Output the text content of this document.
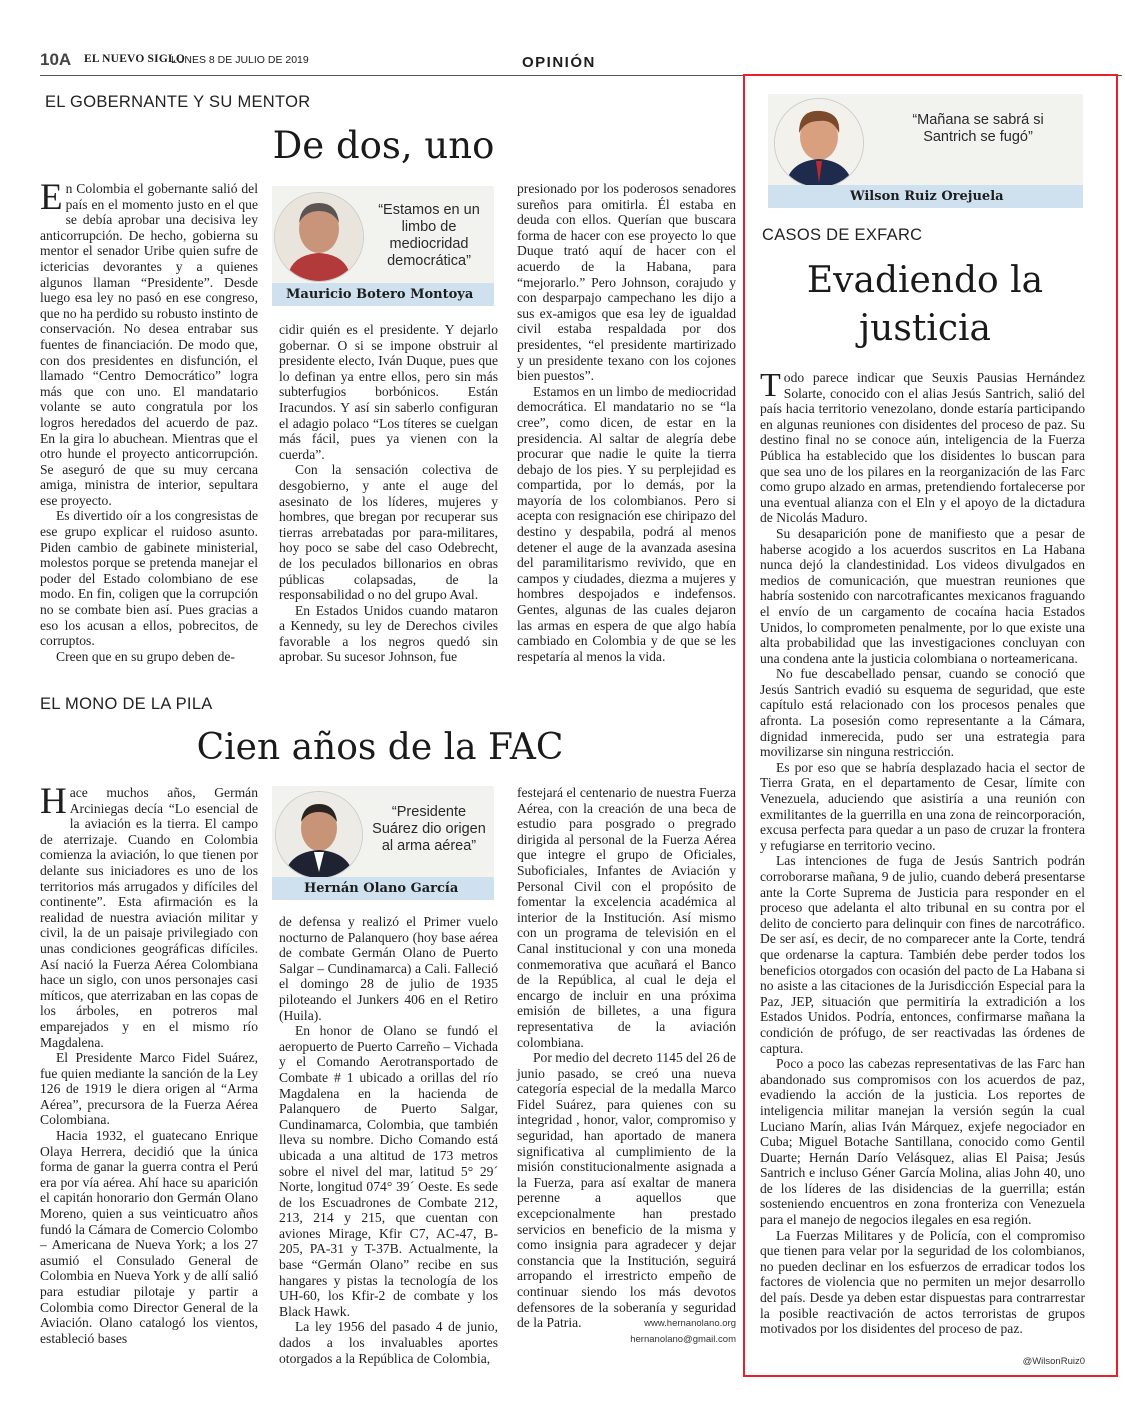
10A EL NUEVO SIGLO
LUNES 8 DE JULIO DE 2019	OPINIÓN
EL GOBERNANTE Y SU MENTOR
De dos, uno
“Estamos en un limbo de mediocridad democrática”
Mauricio Botero Montoya

En Colombia el gobernante salió del país en el momento justo en el que se debía aprobar una decisiva ley anticorrupción. De hecho, gobierna su mentor el senador Uribe quien sufre de ictericias devorantes y a quienes algunos llaman “Presidente”. Desde luego esa ley no pasó en ese congreso, que no ha perdido su robusto instinto de conservación. No desea entrabar sus fuentes de financiación. De modo que, con dos presidentes en disfunción, el llamado “Centro Democrático” logra más que con uno. El mandatario volante se auto congratula por los logros heredados del acuerdo de paz. En la gira lo abuchean. Mientras que el otro hunde el proyecto anticorrupción. Se aseguró de que su muy cercana amiga, ministra de interior, sepultara ese proyecto.

Es divertido oír a los congresistas de ese grupo explicar el ruidoso asunto. Piden cambio de gabinete ministerial, molestos porque se pretenda manejar el poder del Estado colombiano de ese modo. En fin, coligen que la corrupción no se combate bien así. Pues gracias a eso los acusan a ellos, pobrecitos, de corruptos.

Creen que en su grupo deben de-

cidir quién es el presidente. Y dejarlo gobernar. O si se impone obstruir al presidente electo, Iván Duque, pues que lo definan ya entre ellos, pero sin más subterfugios borbónicos. Están Iracundos. Y así sin saberlo configuran el adagio polaco “Los títeres se cuelgan más fácil, pues ya vienen con la cuerda”.

Con la sensación colectiva de desgobierno, y ante el auge del asesinato de los líderes, mujeres y hombres, que bregan por recuperar sus tierras arrebatadas por para-militares, hoy poco se sabe del caso Odebrecht, de los peculados billonarios en obras públicas colapsadas, de la responsabilidad o no del grupo Aval.

En Estados Unidos cuando mataron a Kennedy, su ley de Derechos civiles favorable a los negros quedó sin aprobar. Su sucesor Johnson, fue

presionado por los poderosos senadores sureños para omitirla. Él estaba en deuda con ellos. Querían que buscara forma de hacer con ese proyecto lo que Duque trató aquí de hacer con el acuerdo de la Habana, para “mejorarlo.” Pero Johnson, corajudo y con desparpajo campechano les dijo a sus ex-amigos que esa ley de igualdad civil estaba respaldada por dos presidentes, “el presidente martirizado y un presidente texano con los cojones bien puestos”.

Estamos en un limbo de mediocridad democrática. El mandatario no se “la cree”, como dicen, de estar en la presidencia. Al saltar de alegría debe procurar que nadie le quite la tierra debajo de los pies. Y su perplejidad es compartida, por lo demás, por la mayoría de los colombianos. Pero si acepta con resignación ese chiripazo del destino y despabila, podrá al menos detener el auge de la avanzada asesina del paramilitarismo revivido, que en campos y ciudades, diezma a mujeres y hombres despojados e indefensos. Gentes, algunas de las cuales dejaron las armas en espera de que algo había cambiado en Colombia y de que se les respetaría al menos la vida.

EL MONO DE LA PILA
Cien años de la FAC
“Presidente Suárez dio origen al arma aérea”
Hernán Olano García

Hace muchos años, Germán Arciniegas decía “Lo esencial de la aviación es la tierra. El campo de aterrizaje. Cuando en Colombia comienza la aviación, lo que tienen por delante sus iniciadores es uno de los territorios más arrugados y difíciles del continente”. Esta afirmación es la realidad de nuestra aviación militar y civil, la de un paisaje privilegiado con unas condiciones geográficas difíciles. Así nació la Fuerza Aérea Colombiana hace un siglo, con unos personajes casi míticos, que aterrizaban en las copas de los árboles, en potreros mal emparejados y en el mismo río Magdalena.

El Presidente Marco Fidel Suárez, fue quien mediante la sanción de la Ley 126 de 1919 le diera origen al “Arma Aérea”, precursora de la Fuerza Aérea Colombiana.

Hacia 1932, el guatecano Enrique Olaya Herrera, decidió que la única forma de ganar la guerra contra el Perú era por vía aérea. Ahí hace su aparición el capitán honorario don Germán Olano Moreno, quien a sus veinticuatro años fundó la Cámara de Comercio Colombo – Americana de Nueva York; a los 27 asumió el Consulado General de Colombia en Nueva York y de allí salió para estudiar pilotaje y partir a Colombia como Director General de la Aviación. Olano catalogó los vientos, estableció bases

de defensa y realizó el Primer vuelo nocturno de Palanquero (hoy base aérea de combate Germán Olano de Puerto Salgar – Cundinamarca) a Cali. Falleció el domingo 28 de julio de 1935 piloteando el Junkers 406 en el Retiro (Huila).

En honor de Olano se fundó el aeropuerto de Puerto Carreño – Vichada y el Comando Aerotransportado de Combate # 1 ubicado a orillas del río Magdalena en la hacienda de Palanquero de Puerto Salgar, Cundinamarca, Colombia, que también lleva su nombre. Dicho Comando está ubicada a una altitud de 173 metros sobre el nivel del mar, latitud 5° 29´ Norte, longitud 074° 39´ Oeste. Es sede de los Escuadrones de Combate 212, 213, 214 y 215, que cuentan con aviones Mirage, Kfir C7, AC-47, B-205, PA-31 y T-37B. Actualmente, la base “Germán Olano” recibe en sus hangares y pistas la tecnología de los UH-60, los Kfir-2 de combate y los Black Hawk.

La ley 1956 del pasado 4 de junio, dados a los invaluables aportes otorgados a la República de Colombia,

festejará el centenario de nuestra Fuerza Aérea, con la creación de una beca de estudio para posgrado o pregrado dirigida al personal de la Fuerza Aérea que integre el grupo de Oficiales, Suboficiales, Infantes de Aviación y Personal Civil con el propósito de fomentar la excelencia académica al interior de la Institución. Así mismo con un programa de televisión en el Canal institucional y con una moneda conmemorativa que acuñará el Banco de la República, al cual le deja el encargo de incluir en una próxima emisión de billetes, a una figura representativa de la aviación colombiana.

Por medio del decreto 1145 del 26 de junio pasado, se creó una nueva categoría especial de la medalla Marco Fidel Suárez, para quienes con su integridad , honor, valor, compromiso y seguridad, han aportado de manera significativa al cumplimiento de la misión constitucionalmente asignada a la Fuerza, para así exaltar de manera perenne a aquellos que excepcionalmente han prestado servicios en beneficio de la misma y como insignia para agradecer y dejar constancia que la Institución, seguirá arropando el irrestricto empeño de continuar siendo los más devotos defensores de la soberanía y seguridad de la Patria.	www.hernanolano.org
hernanolano@gmail.com
“Mañana se sabrá si Santrich se fugó”
Wilson Ruiz Orejuela
CASOS DE EXFARC
Evadiendo la
justicia

Todo parece indicar que Seuxis Pausias Hernández Solarte, conocido con el alias Jesús Santrich, salió del país hacia territorio venezolano, donde estaría participando en algunas reuniones con disidentes del proceso de paz. Su destino final no se conoce aún, inteligencia de la Fuerza Pública ha establecido que los disidentes lo buscan para que sea uno de los pilares en la reorganización de las Farc como grupo alzado en armas, pretendiendo fortalecerse por una eventual alianza con el Eln y el apoyo de la dictadura de Nicolás Maduro.

Su desaparición pone de manifiesto que a pesar de haberse acogido a los acuerdos suscritos en La Habana nunca dejó la clandestinidad. Los videos divulgados en medios de comunicación, que muestran reuniones que habría sostenido con narcotraficantes mexicanos fraguando el envío de un cargamento de cocaína hacia Estados Unidos, lo comprometen penalmente, por lo que existe una alta probabilidad que las investigaciones concluyan con una condena ante la justicia colombiana o norteamericana.

No fue descabellado pensar, cuando se conoció que Jesús Santrich evadió su esquema de seguridad, que este capítulo está relacionado con los procesos penales que afronta. La posesión como representante a la Cámara, dignidad inmerecida, pudo ser una estrategia para movilizarse sin ninguna restricción.

Es por eso que se habría desplazado hacia el sector de Tierra Grata, en el departamento de Cesar, límite con Venezuela, aduciendo que asistiría a una reunión con exmilitantes de la guerrilla en una zona de reincorporación, excusa perfecta para quedar a un paso de cruzar la frontera y refugiarse en territorio vecino.

Las intenciones de fuga de Jesús Santrich podrán corroborarse mañana, 9 de julio, cuando deberá presentarse ante la Corte Suprema de Justicia para responder en el proceso que adelanta el alto tribunal en su contra por el delito de concierto para delinquir con fines de narcotráfico. De ser así, es decir, de no comparecer ante la Corte, tendrá que ordenarse la captura. También debe perder todos los beneficios otorgados con ocasión del pacto de La Habana si no asiste a las citaciones de la Jurisdicción Especial para la Paz, JEP, situación que permitiría la extradición a los Estados Unidos. Podría, entonces, confirmarse mañana la condición de prófugo, de ser reactivadas las órdenes de captura.

Poco a poco las cabezas representativas de las Farc han abandonado sus compromisos con los acuerdos de paz, evadiendo la acción de la justicia. Los reportes de inteligencia militar manejan la versión según la cual Luciano Marín, alias Iván Márquez, exjefe negociador en Cuba; Miguel Botache Santillana, conocido como Gentil Duarte; Hernán Darío Velásquez, alias El Paisa; Jesús Santrich e incluso Géner García Molina, alias John 40, uno de los líderes de las disidencias de la guerrilla; están sosteniendo encuentros en zona fronteriza con Venezuela para el manejo de negocios ilegales en esa región.

La Fuerzas Militares y de Policía, con el compromiso que tienen para velar por la seguridad de los colombianos, no pueden declinar en los esfuerzos de erradicar todos los factores de violencia que no permiten un mejor desarrollo del país. Desde ya deben estar dispuestas para contrarrestar la posible reactivación de actos terroristas de grupos motivados por los disidentes del proceso de paz.

@WilsonRuiz0
